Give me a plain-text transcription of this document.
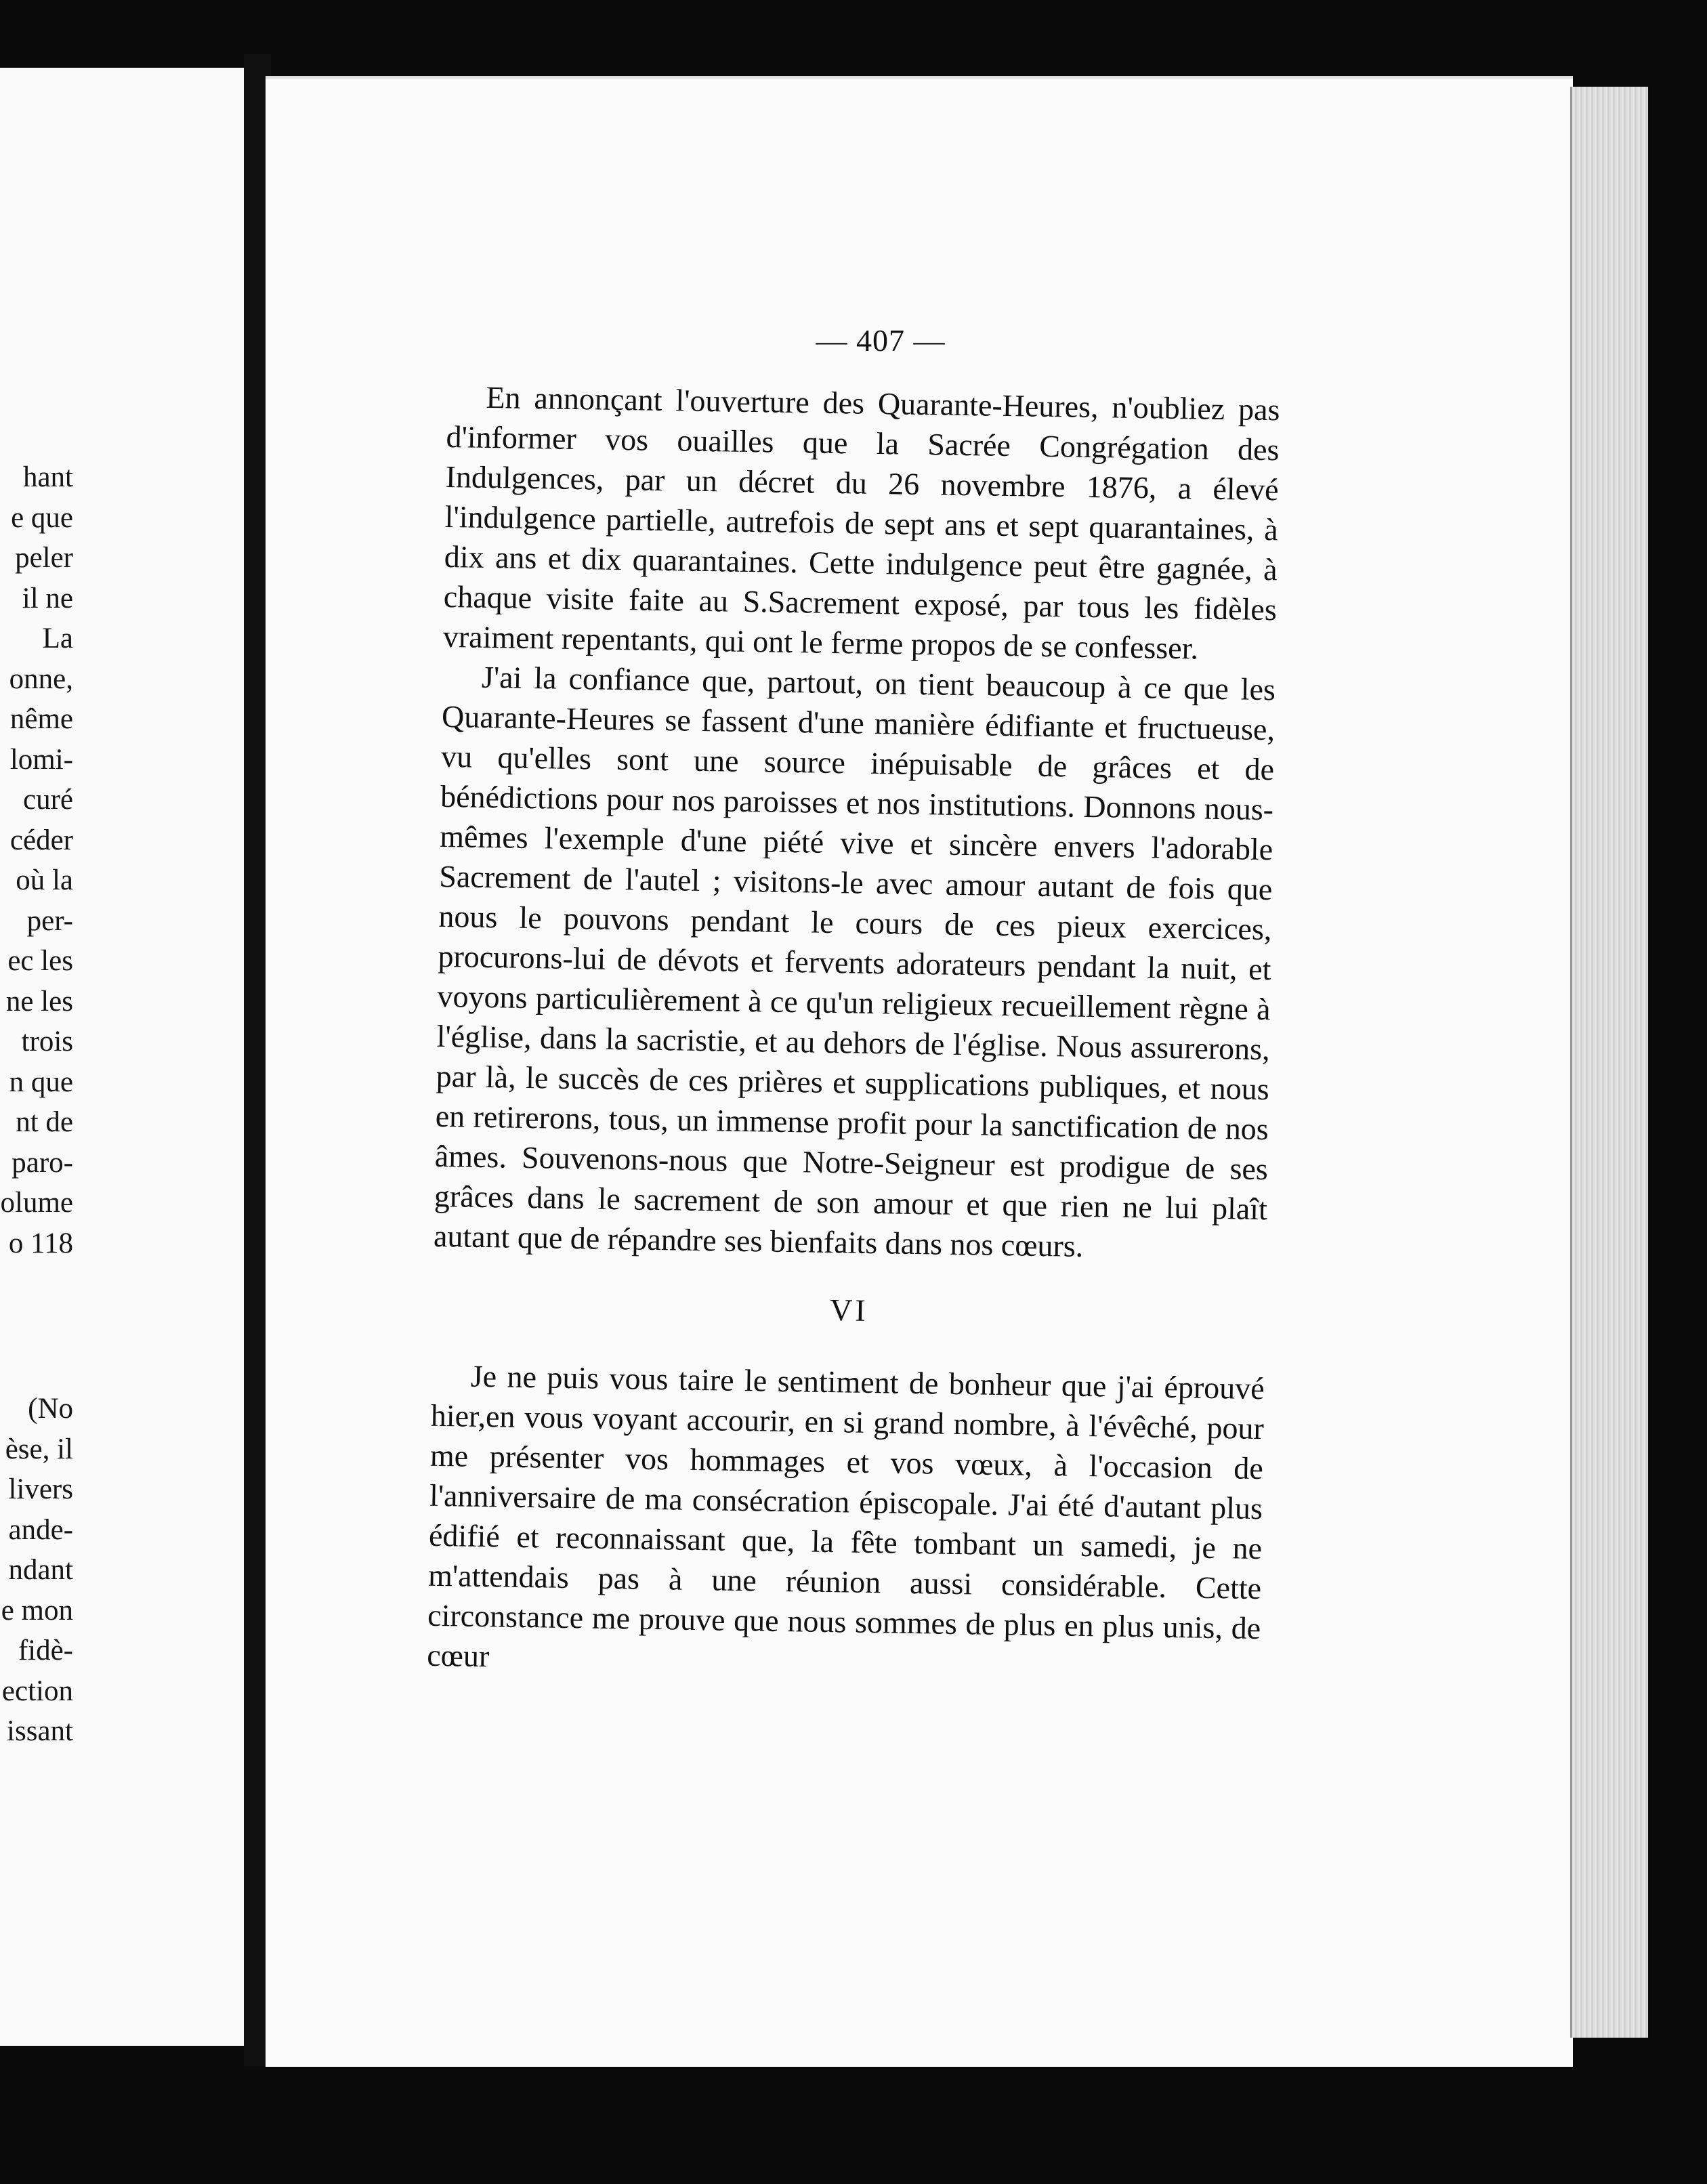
hant
e que
peler
il ne
La
onne,
nême
lomi-
curé
céder
où la
per-
ec les
ne les
trois
n que
nt de
paro-
olume
o 118
(No
èse, il
livers
ande-
ndant
e mon
fidè-
ection
issant
— 407 —

En annonçant l'ouverture des Quarante-Heures, n'oubliez pas d'informer vos ouailles que la Sacrée Congrégation des Indulgences, par un décret du 26 novembre 1876, a élevé l'indulgence partielle, autrefois de sept ans et sept quarantaines, à dix ans et dix quarantaines. Cette indulgence peut être gagnée, à chaque visite faite au S.Sacrement exposé, par tous les fidèles vraiment repentants, qui ont le ferme propos de se confesser.

J'ai la confiance que, partout, on tient beaucoup à ce que les Quarante-Heures se fassent d'une manière édifiante et fructueuse, vu qu'elles sont une source inépuisable de grâces et de bénédictions pour nos paroisses et nos institutions. Donnons nous-mêmes l'exemple d'une piété vive et sincère envers l'adorable Sacrement de l'autel ; visitons-le avec amour autant de fois que nous le pouvons pendant le cours de ces pieux exercices, procurons-lui de dévots et fervents adorateurs pendant la nuit, et voyons particulièrement à ce qu'un religieux recueillement règne à l'église, dans la sacristie, et au dehors de l'église. Nous assurerons, par là, le succès de ces prières et supplications publiques, et nous en retirerons, tous, un immense profit pour la sanctification de nos âmes. Souvenons-nous que Notre-Seigneur est prodigue de ses grâces dans le sacrement de son amour et que rien ne lui plaît autant que de répandre ses bienfaits dans nos cœurs.

VI

Je ne puis vous taire le sentiment de bonheur que j'ai éprouvé hier,en vous voyant accourir, en si grand nombre, à l'évêché, pour me présenter vos hommages et vos vœux, à l'occasion de l'anniversaire de ma consécration épiscopale. J'ai été d'autant plus édifié et reconnaissant que, la fête tombant un samedi, je ne m'attendais pas à une réunion aussi considérable. Cette circonstance me prouve que nous sommes de plus en plus unis, de cœur
